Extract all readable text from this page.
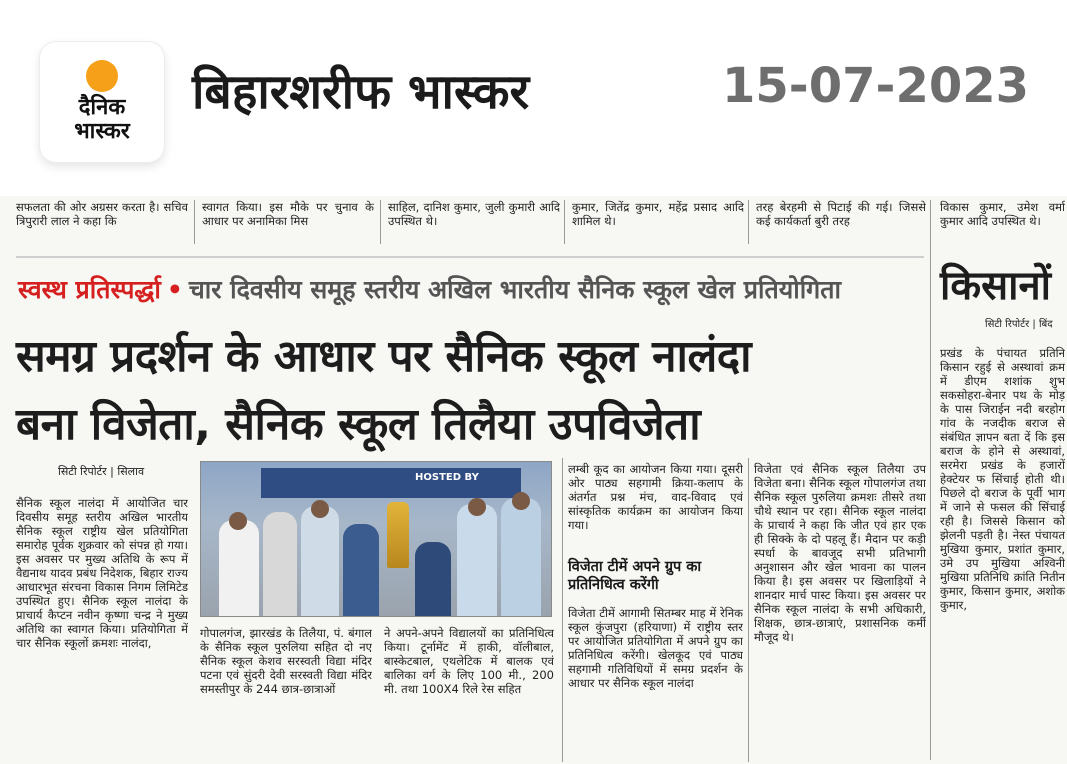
दैनिक
भास्कर
बिहारशरीफ भास्कर	15-07-2023
सफलता की ओर अग्रसर करता है। सचिव त्रिपुरारी लाल ने कहा कि
स्वागत किया। इस मौके पर चुनाव के आधार पर अनामिका मिस
साहिल, दानिश कुमार, जुली कुमारी आदि उपस्थित थे।
कुमार, जितेंद्र कुमार, महेंद्र प्रसाद आदि शामिल थे।
तरह बेरहमी से पिटाई की गई। जिससे कई कार्यकर्ता बुरी तरह
विकास कुमार, उमेश वर्मा कुमार आदि उपस्थित थे।
स्वस्थ प्रतिस्पर्द्धा • चार दिवसीय समूह स्तरीय अखिल भारतीय सैनिक स्कूल खेल प्रतियोगिता
समग्र प्रदर्शन के आधार पर सैनिक स्कूल नालंदा
बना विजेता, सैनिक स्कूल तिलैया उपविजेता
सिटी रिपोर्टर | सिलाव	HOSTED BY
सैनिक स्कूल नालंदा में आयोजित चार दिवसीय समूह स्तरीय अखिल भारतीय सैनिक स्कूल राष्ट्रीय खेल प्रतियोगिता समारोह पूर्वक शुक्रवार को संपन्न हो गया। इस अवसर पर मुख्य अतिथि के रूप में वैद्यनाथ यादव प्रबंध निदेशक, बिहार राज्य आधारभूत संरचना विकास निगम लिमिटेड उपस्थित हुए। सैनिक स्कूल नालंदा के प्राचार्य कैप्टन नवीन कृष्णा चन्द्र ने मुख्य अतिथि का स्वागत किया। प्रतियोगिता में चार सैनिक स्कूलों क्रमशः नालंदा,
गोपालगंज, झारखंड के तिलैया, पं. बंगाल के सैनिक स्कूल पुरुलिया सहित दो नए सैनिक स्कूल केशव सरस्वती विद्या मंदिर पटना एवं सुंदरी देवी सरस्वती विद्या मंदिर समस्तीपुर के 244 छात्र-छात्राओं
ने अपने-अपने विद्यालयों का प्रतिनिधित्व किया। टूर्नामेंट में हाकी, वॉलीबाल, बास्केटबाल, एथलेटिक में बालक एवं बालिका वर्ग के लिए 100 मी., 200 मी. तथा 100X4 रिले रेस सहित
लम्बी कूद का आयोजन किया गया। दूसरी ओर पाठ्य सहगामी क्रिया-कलाप के अंतर्गत प्रश्न मंच, वाद-विवाद एवं सांस्कृतिक कार्यक्रम का आयोजन किया गया।
विजेता टीमें अपने ग्रुप का प्रतिनिधित्व करेंगी
विजेता टीमें आगामी सितम्बर माह में रेनिक स्कूल कुंजपुरा (हरियाणा) में राष्ट्रीय स्तर पर आयोजित प्रतियोगिता में अपने ग्रुप का प्रतिनिधित्व करेंगी। खेलकूद एवं पाठ्य सहगामी गतिविधियों में समग्र प्रदर्शन के आधार पर सैनिक स्कूल नालंदा
विजेता एवं सैनिक स्कूल तिलैया उप विजेता बना। सैनिक स्कूल गोपालगंज तथा सैनिक स्कूल पुरुलिया क्रमशः तीसरे तथा चौथे स्थान पर रहा। सैनिक स्कूल नालंदा के प्राचार्य ने कहा कि जीत एवं हार एक ही सिक्के के दो पहलू हैं। मैदान पर कड़ी स्पर्धा के बावजूद सभी प्रतिभागी अनुशासन और खेल भावना का पालन किया है। इस अवसर पर खिलाड़ियों ने शानदार मार्च पास्ट किया। इस अवसर पर सैनिक स्कूल नालंदा के सभी अधिकारी, शिक्षक, छात्र-छात्राएं, प्रशासनिक कर्मी मौजूद थे।
किसानों
सिटी रिपोर्टर | बिंद
प्रखंड के पंचायत प्रतिनि किसान रहुई से अस्थावां क्रम में डीएम शशांक शुभ सकसोहरा-बेनार पथ के मोड़ के पास जिराईन नदी बरहोग गांव के नजदीक बराज से संबंधित ज्ञापन बता दें कि इस बराज के होने से अस्थावां, सरमेरा प्रखंड के हजारों हेक्टेयर फ सिंचाई होती थी। पिछले दो बराज के पूर्वी भाग में जाने से फसल की सिंचाई रही है। जिससे किसान को झेलनी पड़ती है। नेस्त पंचायत मुखिया कुमार, प्रशांत कुमार, उमे उप मुखिया अश्विनी मुखिया प्रतिनिधि क्रांति नितीन कुमार, किसान कुमार, अशोक कुमार,
